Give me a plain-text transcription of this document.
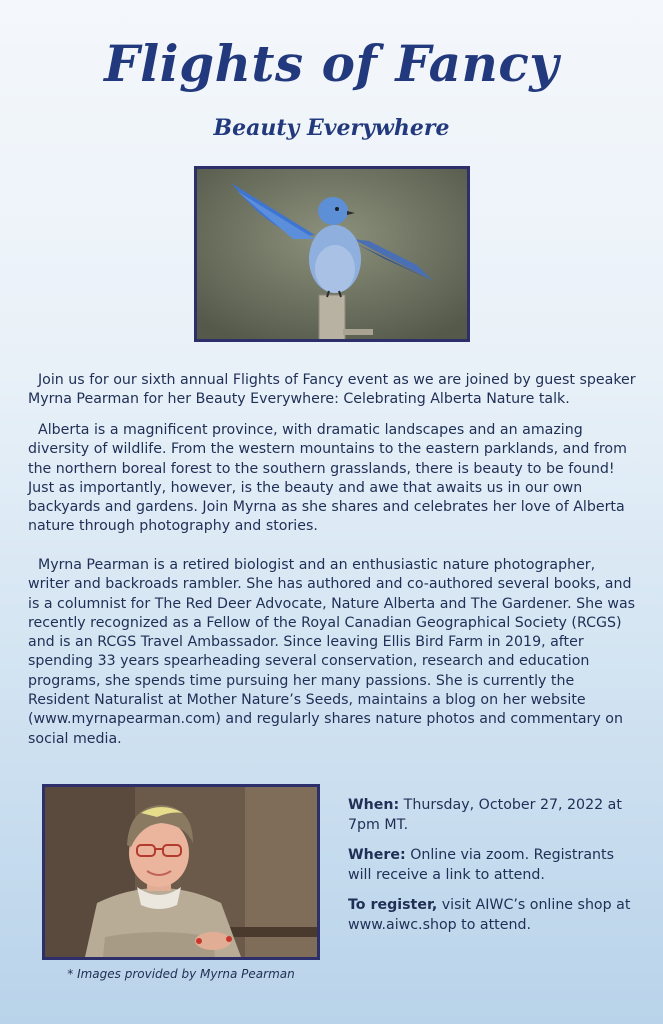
Flights of Fancy
Beauty Everywhere

Join us for our sixth annual Flights of Fancy event as we are joined by guest speaker Myrna Pearman for her Beauty Everywhere: Celebrating Alberta Nature talk.

Alberta is a magnificent province, with dramatic landscapes and an amazing diversity of wildlife. From the western mountains to the eastern parklands, and from the northern boreal forest to the southern grasslands, there is beauty to be found! Just as importantly, however, is the beauty and awe that awaits us in our own backyards and gardens. Join Myrna as she shares and celebrates her love of Alberta nature through photography and stories.

Myrna Pearman is a retired biologist and an enthusiastic nature photographer, writer and backroads rambler. She has authored and co-authored several books, and is a columnist for The Red Deer Advocate, Nature Alberta and The Gardener. She was recently recognized as a Fellow of the Royal Canadian Geographical Society (RCGS) and is an RCGS Travel Ambassador. Since leaving Ellis Bird Farm in 2019, after spending 33 years spearheading several conservation, research and education programs, she spends time pursuing her many passions. She is currently the Resident Naturalist at Mother Nature’s Seeds, maintains a blog on her website (www.myrnapearman.com) and regularly shares nature photos and commentary on social media.

When: Thursday, October 27, 2022 at 7pm MT.
Where: Online via zoom. Registrants will receive a link to attend.
To register, visit AIWC’s online shop at www.aiwc.shop to attend.
* Images provided by Myrna Pearman
